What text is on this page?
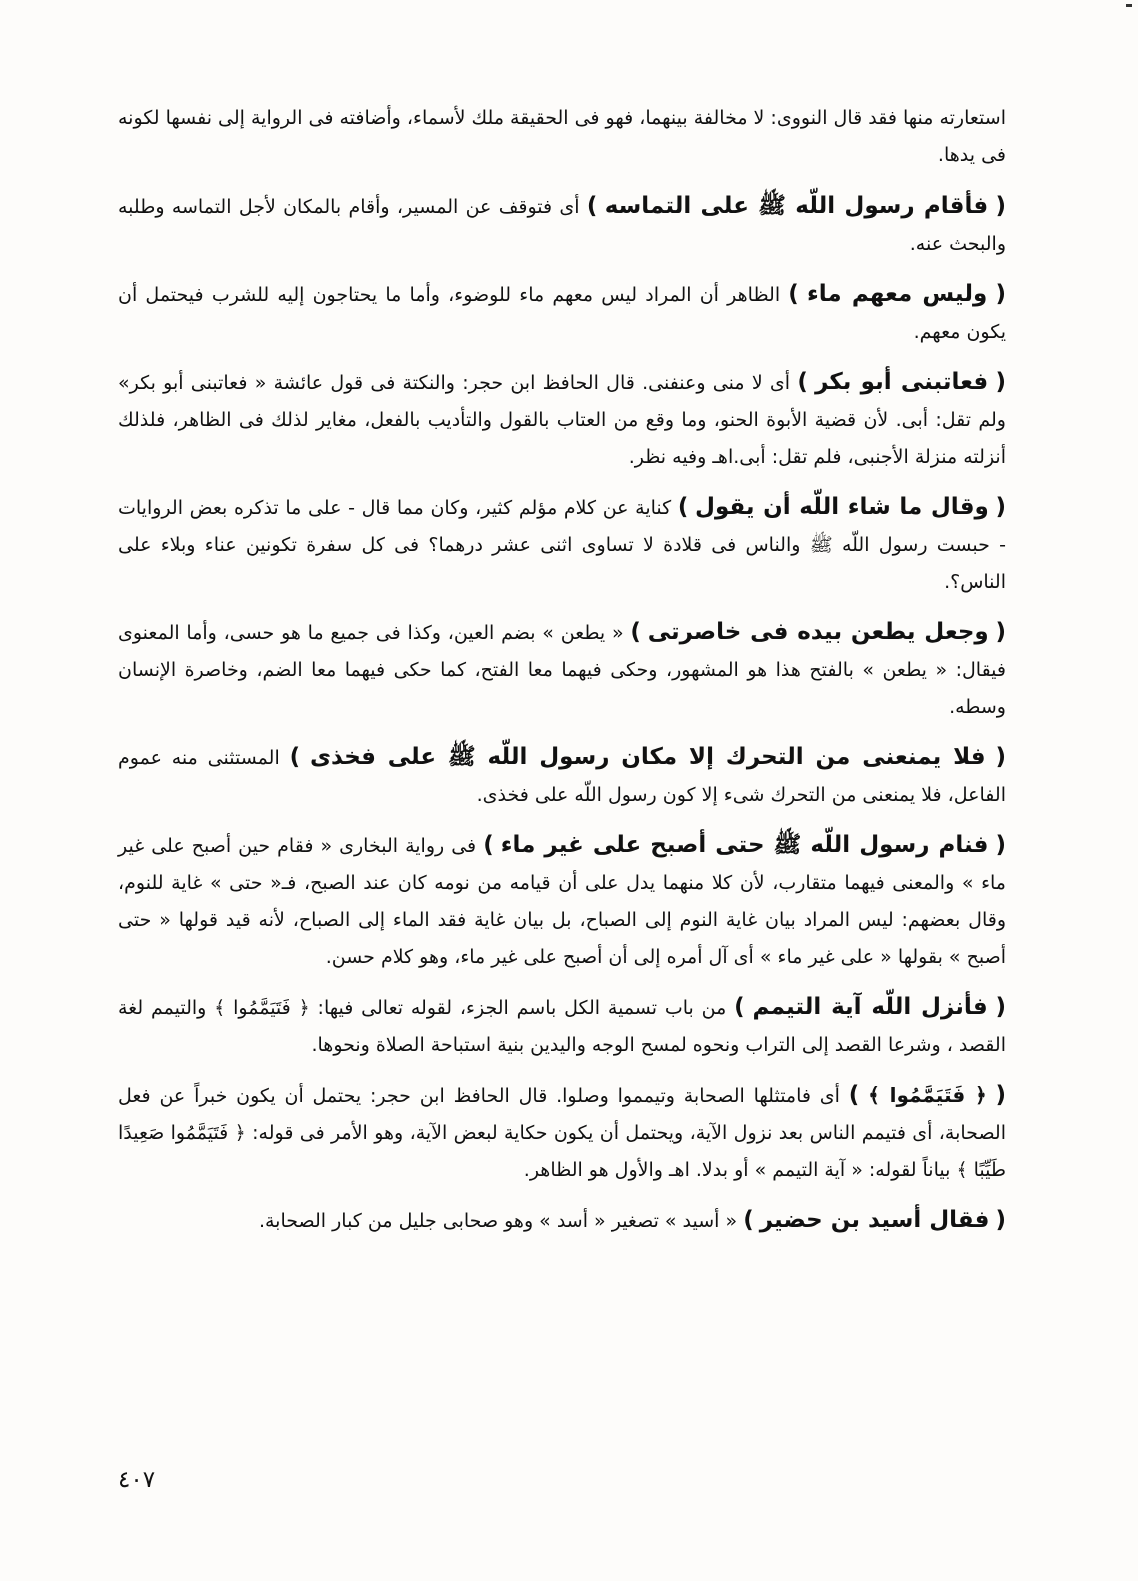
استعارته منها فقد قال النووى: لا مخالفة بينهما، فهو فى الحقيقة ملك لأسماء، وأضافته فى الرواية إلى نفسها لكونه فى يدها.

( فأقام رسول اللّه ﷺ على التماسه ) أى فتوقف عن المسير، وأقام بالمكان لأجل التماسه وطلبه والبحث عنه.

( وليس معهم ماء ) الظاهر أن المراد ليس معهم ماء للوضوء، وأما ما يحتاجون إليه للشرب فيحتمل أن يكون معهم.

( فعاتبنى أبو بكر ) أى لا منى وعنفنى. قال الحافظ ابن حجر: والنكتة فى قول عائشة « فعاتبنى أبو بكر» ولم تقل: أبى. لأن قضية الأبوة الحنو، وما وقع من العتاب بالقول والتأديب بالفعل، مغاير لذلك فى الظاهر، فلذلك أنزلته منزلة الأجنبى، فلم تقل: أبى.اهـ وفيه نظر.

( وقال ما شاء اللّه أن يقول ) كناية عن كلام مؤلم كثير، وكان مما قال - على ما تذكره بعض الروايات - حبست رسول اللّه ﷺ والناس فى قلادة لا تساوى اثنى عشر درهما؟ فى كل سفرة تكونين عناء وبلاء على الناس؟.

( وجعل يطعن بيده فى خاصرتى ) « يطعن » بضم العين، وكذا فى جميع ما هو حسى، وأما المعنوى فيقال: « يطعن » بالفتح هذا هو المشهور، وحكى فيهما معا الفتح، كما حكى فيهما معا الضم، وخاصرة الإنسان وسطه.

( فلا يمنعنى من التحرك إلا مكان رسول اللّه ﷺ على فخذى ) المستثنى منه عموم الفاعل، فلا يمنعنى من التحرك شىء إلا كون رسول اللّه على فخذى.

( فنام رسول اللّه ﷺ حتى أصبح على غير ماء ) فى رواية البخارى « فقام حين أصبح على غير ماء » والمعنى فيهما متقارب، لأن كلا منهما يدل على أن قيامه من نومه كان عند الصبح، فـ« حتى » غاية للنوم، وقال بعضهم: ليس المراد بيان غاية النوم إلى الصباح، بل بيان غاية فقد الماء إلى الصباح، لأنه قيد قولها « حتى أصبح » بقولها « على غير ماء » أى آل أمره إلى أن أصبح على غير ماء، وهو كلام حسن.

( فأنزل اللّه آية التيمم ) من باب تسمية الكل باسم الجزء، لقوله تعالى فيها: ﴿ فَتَيَمَّمُوا ﴾ والتيمم لغة القصد ، وشرعا القصد إلى التراب ونحوه لمسح الوجه واليدين بنية استباحة الصلاة ونحوها.

( ﴿ فَتَيَمَّمُوا ﴾ ) أى فامتثلها الصحابة وتيمموا وصلوا. قال الحافظ ابن حجر: يحتمل أن يكون خبراً عن فعل الصحابة، أى فتيمم الناس بعد نزول الآية، ويحتمل أن يكون حكاية لبعض الآية، وهو الأمر فى قوله: ﴿ فَتَيَمَّمُوا صَعِيدًا طَيِّبًا ﴾ بياناً لقوله: « آية التيمم » أو بدلا. اهـ والأول هو الظاهر.

( فقال أسيد بن حضير ) « أسيد » تصغير « أسد » وهو صحابى جليل من كبار الصحابة.

٤٠٧
